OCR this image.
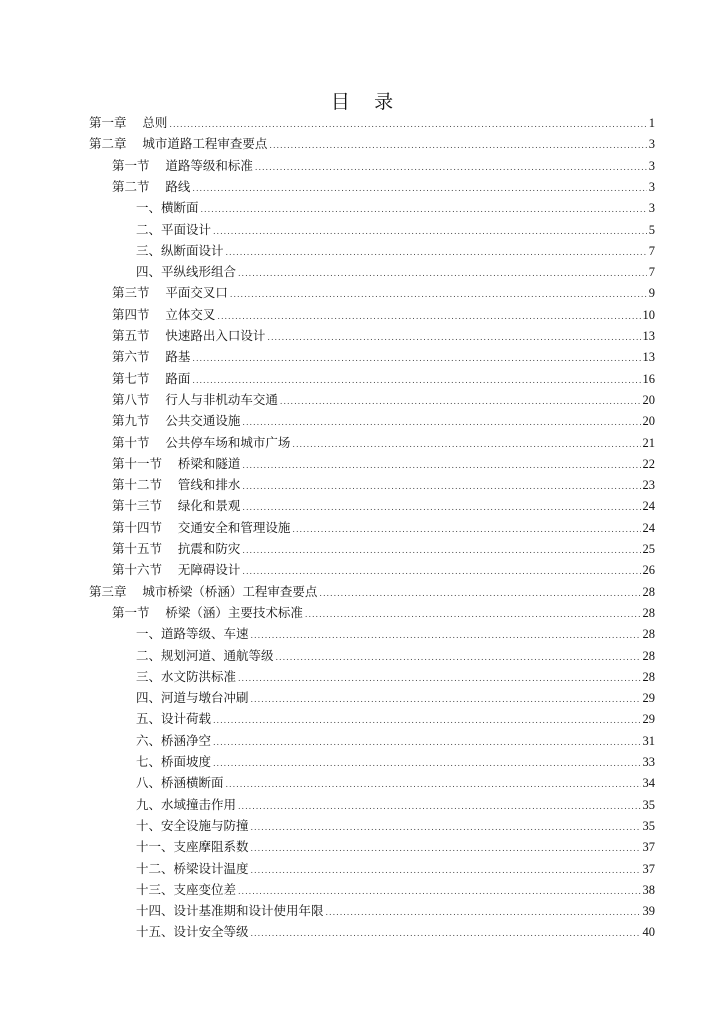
目    录
第一章    总则 .....	1
第二章    城市道路工程审查要点 .....	3
第一节    道路等级和标准 .....	3
第二节    路线 .....	3
一、横断面 .....	3
二、平面设计 .....	5
三、纵断面设计 .....	7
四、平纵线形组合 .....	7
第三节    平面交叉口 .....	9
第四节    立体交叉 .....	10
第五节    快速路出入口设计 .....	13
第六节    路基 .....	13
第七节    路面 .....	16
第八节    行人与非机动车交通 .....	20
第九节    公共交通设施 .....	20
第十节    公共停车场和城市广场 .....	21
第十一节    桥梁和隧道 .....	22
第十二节    管线和排水 .....	23
第十三节    绿化和景观 .....	24
第十四节    交通安全和管理设施 .....	24
第十五节    抗震和防灾 .....	25
第十六节    无障碍设计 .....	26
第三章    城市桥梁（桥涵）工程审查要点 .....	28
第一节    桥梁（涵）主要技术标准 .....	28
一、道路等级、车速 .....	28
二、规划河道、通航等级 .....	28
三、水文防洪标准 .....	28
四、河道与墩台冲刷 .....	29
五、设计荷载 .....	29
六、桥涵净空 .....	31
七、桥面坡度 .....	33
八、桥涵横断面 .....	34
九、水域撞击作用 .....	35
十、安全设施与防撞 .....	35
十一、支座摩阻系数 .....	37
十二、桥梁设计温度 .....	37
十三、支座变位差 .....	38
十四、设计基准期和设计使用年限 .....	39
十五、设计安全等级 .....	40
